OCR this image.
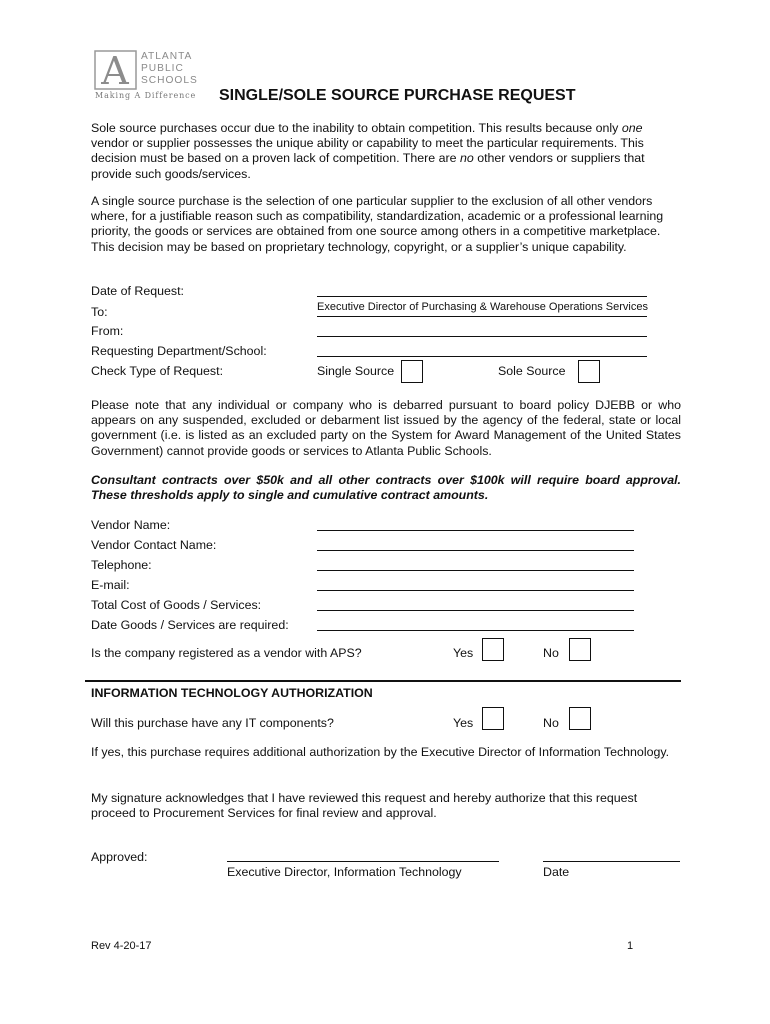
A ATLANTA
PUBLIC
SCHOOLS
Making A Difference SINGLE/SOLE SOURCE PURCHASE REQUEST
Sole source purchases occur due to the inability to obtain competition. This results because only one vendor or supplier possesses the unique ability or capability to meet the particular requirements. This decision must be based on a proven lack of competition. There are no other vendors or suppliers that provide such goods/services.
A single source purchase is the selection of one particular supplier to the exclusion of all other vendors where, for a justifiable reason such as compatibility, standardization, academic or a professional learning priority, the goods or services are obtained from one source among others in a competitive marketplace. This decision may be based on proprietary technology, copyright, or a supplier’s unique capability.
Date of Request:
To:	Executive Director of Purchasing & Warehouse Operations Services
From:
Requesting Department/School:
Check Type of Request:	Single Source	Sole Source
Please note that any individual or company who is debarred pursuant to board policy DJEBB or who appears on any suspended, excluded or debarment list issued by the agency of the federal, state or local government (i.e. is listed as an excluded party on the System for Award Management of the United States Government) cannot provide goods or services to Atlanta Public Schools.
Consultant contracts over $50k and all other contracts over $100k will require board approval. These thresholds apply to single and cumulative contract amounts.
Vendor Name:
Vendor Contact Name:
Telephone:
E-mail:
Total Cost of Goods / Services:
Date Goods / Services are required:
Is the company registered as a vendor with APS?	Yes	No
INFORMATION TECHNOLOGY AUTHORIZATION
Will this purchase have any IT components?	Yes	No
If yes, this purchase requires additional authorization by the Executive Director of Information Technology.
My signature acknowledges that I have reviewed this request and hereby authorize that this request proceed to Procurement Services for final review and approval.
Approved:
Executive Director, Information Technology	Date
Rev 4-20-17	1
